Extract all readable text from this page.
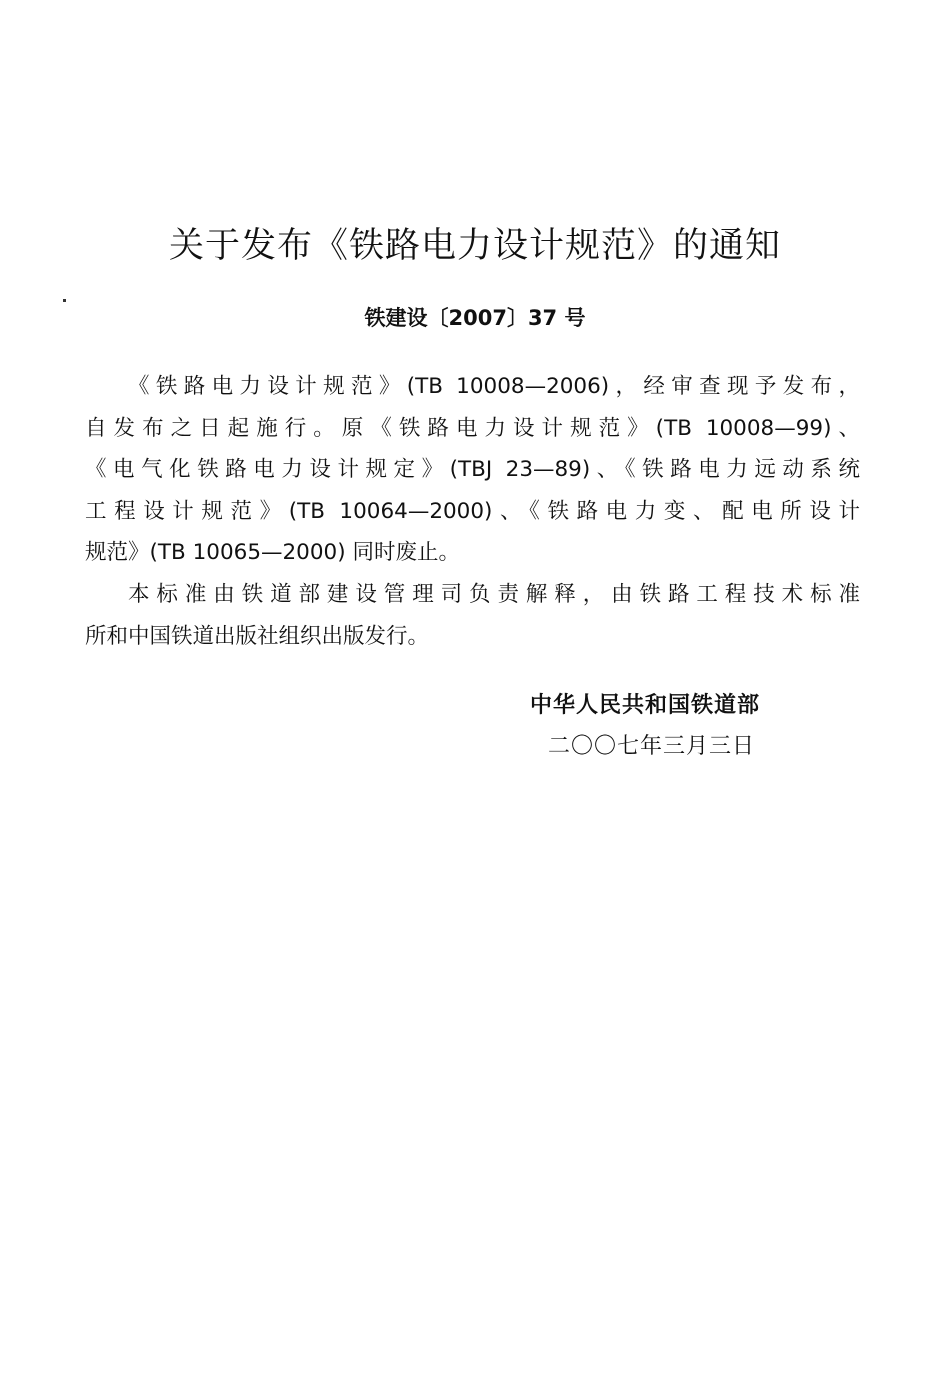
关于发布《铁路电力设计规范》的通知
铁建设〔2007〕37 号
《铁路电力设计规范》(TB 10008—2006)，经审查现予发布，
自发布之日起施行。原《铁路电力设计规范》(TB 10008—99)、
《电气化铁路电力设计规定》(TBJ 23—89)、《铁路电力远动系统
工程设计规范》(TB 10064—2000)、《铁路电力变、配电所设计
规范》(TB 10065—2000) 同时废止。
本标准由铁道部建设管理司负责解释，由铁路工程技术标准
所和中国铁道出版社组织出版发行。
中华人民共和国铁道部
二〇〇七年三月三日
